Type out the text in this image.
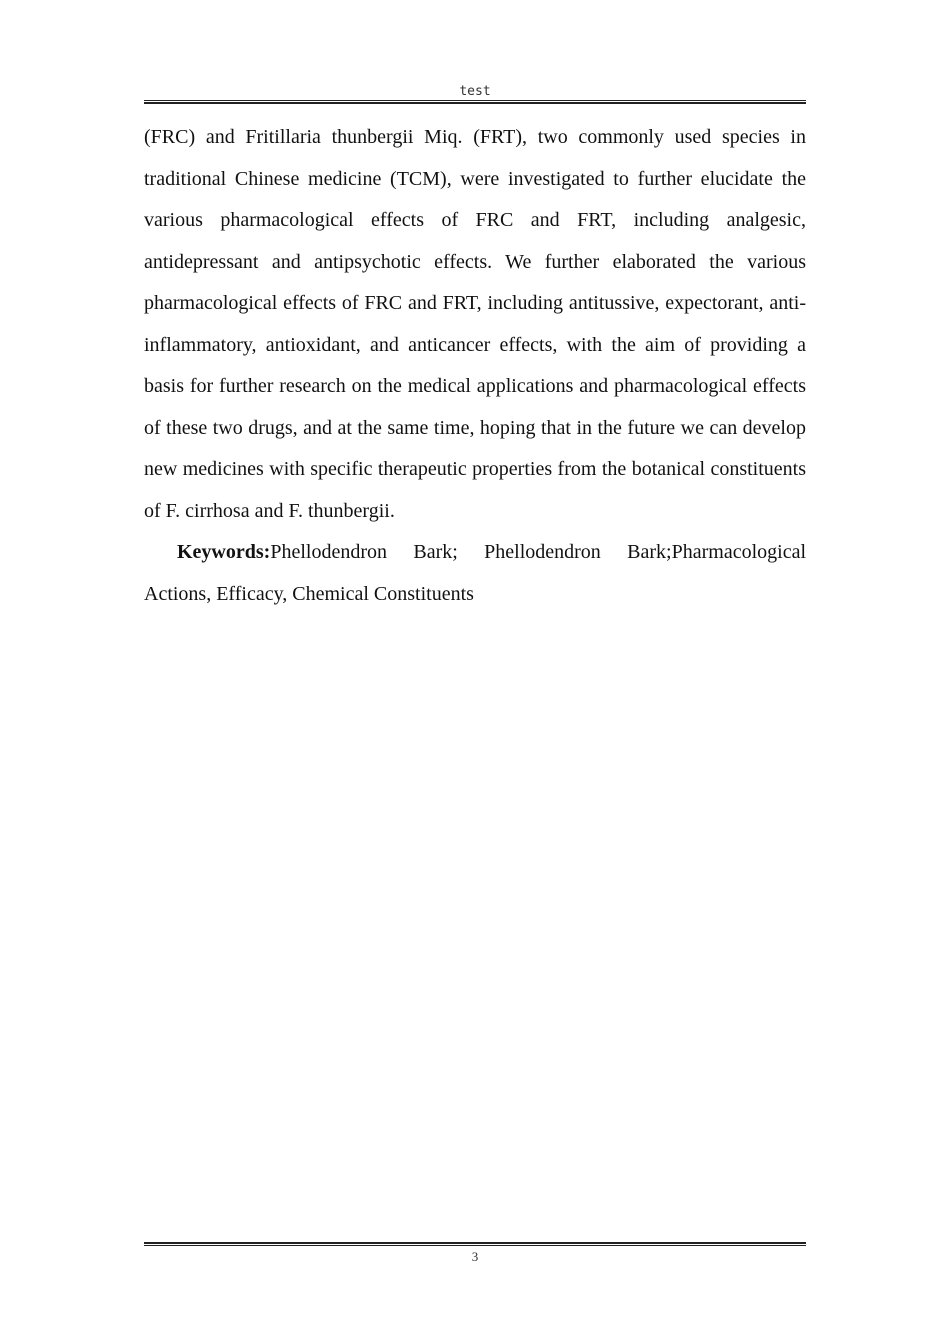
test

(FRC) and Fritillaria thunbergii Miq. (FRT), two commonly used species in traditional Chinese medicine (TCM), were investigated to further elucidate the various pharmacological effects of FRC and FRT, including analgesic, antidepressant and antipsychotic effects. We further elaborated the various pharmacological effects of FRC and FRT, including antitussive, expectorant, anti-inflammatory, antioxidant, and anticancer effects, with the aim of providing a basis for further research on the medical applications and pharmacological effects of these two drugs, and at the same time, hoping that in the future we can develop new medicines with specific therapeutic properties from the botanical constituents of F. cirrhosa and F. thunbergii.

Keywords:Phellodendron Bark; Phellodendron Bark;Pharmacological Actions, Efficacy, Chemical Constituents

3
